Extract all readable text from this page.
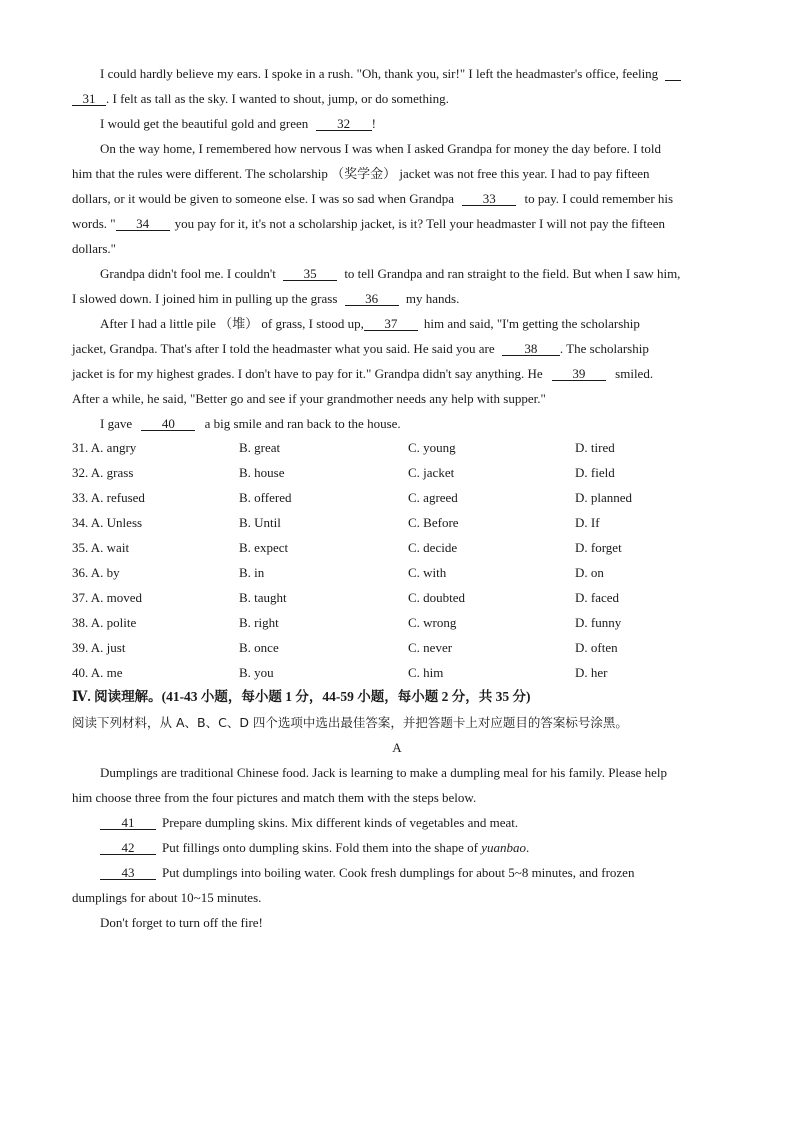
I could hardly believe my ears. I spoke in a rush. "Oh, thank you, sir!" I left the headmaster's office, feeling
31 . I felt as tall as the sky. I wanted to shout, jump, or do something.
I would get the beautiful gold and green 32 !
On the way home, I remembered how nervous I was when I asked Grandpa for money the day before. I told
him that the rules were different. The scholarship （奖学金） jacket was not free this year. I had to pay fifteen
dollars, or it would be given to someone else. I was so sad when Grandpa 33 to pay. I could remember his
words. " 34 you pay for it, it's not a scholarship jacket, is it? Tell your headmaster I will not pay the fifteen
dollars."
Grandpa didn't fool me. I couldn't 35 to tell Grandpa and ran straight to the field. But when I saw him,
I slowed down. I joined him in pulling up the grass 36 my hands.
After I had a little pile （堆） of grass, I stood up, 37 him and said, "I'm getting the scholarship
jacket, Grandpa. That's after I told the headmaster what you said. He said you are 38 . The scholarship
jacket is for my highest grades. I don't have to pay for it." Grandpa didn't say anything. He 39 smiled.
After a while, he said, "Better go and see if your grandmother needs any help with supper."
I gave 40 a big smile and ran back to the house.
31. A. angry	B. great	C. young	D. tired
32. A. grass	B. house	C. jacket	D. field
33. A. refused	B. offered	C. agreed	D. planned
34. A. Unless	B. Until	C. Before	D. If
35. A. wait	B. expect	C. decide	D. forget
36. A. by	B. in	C. with	D. on
37. A. moved	B. taught	C. doubted	D. faced
38. A. polite	B. right	C. wrong	D. funny
39. A. just	B. once	C. never	D. often
40. A. me	B. you	C. him	D. her
Ⅳ. 阅读理解。(41-43 小题，每小题 1 分，44-59 小题，每小题 2 分，共 35 分)
阅读下列材料，从 A、B、C、D 四个选项中选出最佳答案，并把答题卡上对应题目的答案标号涂黑。
A
Dumplings are traditional Chinese food. Jack is learning to make a dumpling meal for his family. Please help
him choose three from the four pictures and match them with the steps below.
41 Prepare dumpling skins. Mix different kinds of vegetables and meat.
42 Put fillings onto dumpling skins. Fold them into the shape of yuanbao.
43 Put dumplings into boiling water. Cook fresh dumplings for about 5~8 minutes, and frozen
dumplings for about 10~15 minutes.
Don't forget to turn off the fire!
